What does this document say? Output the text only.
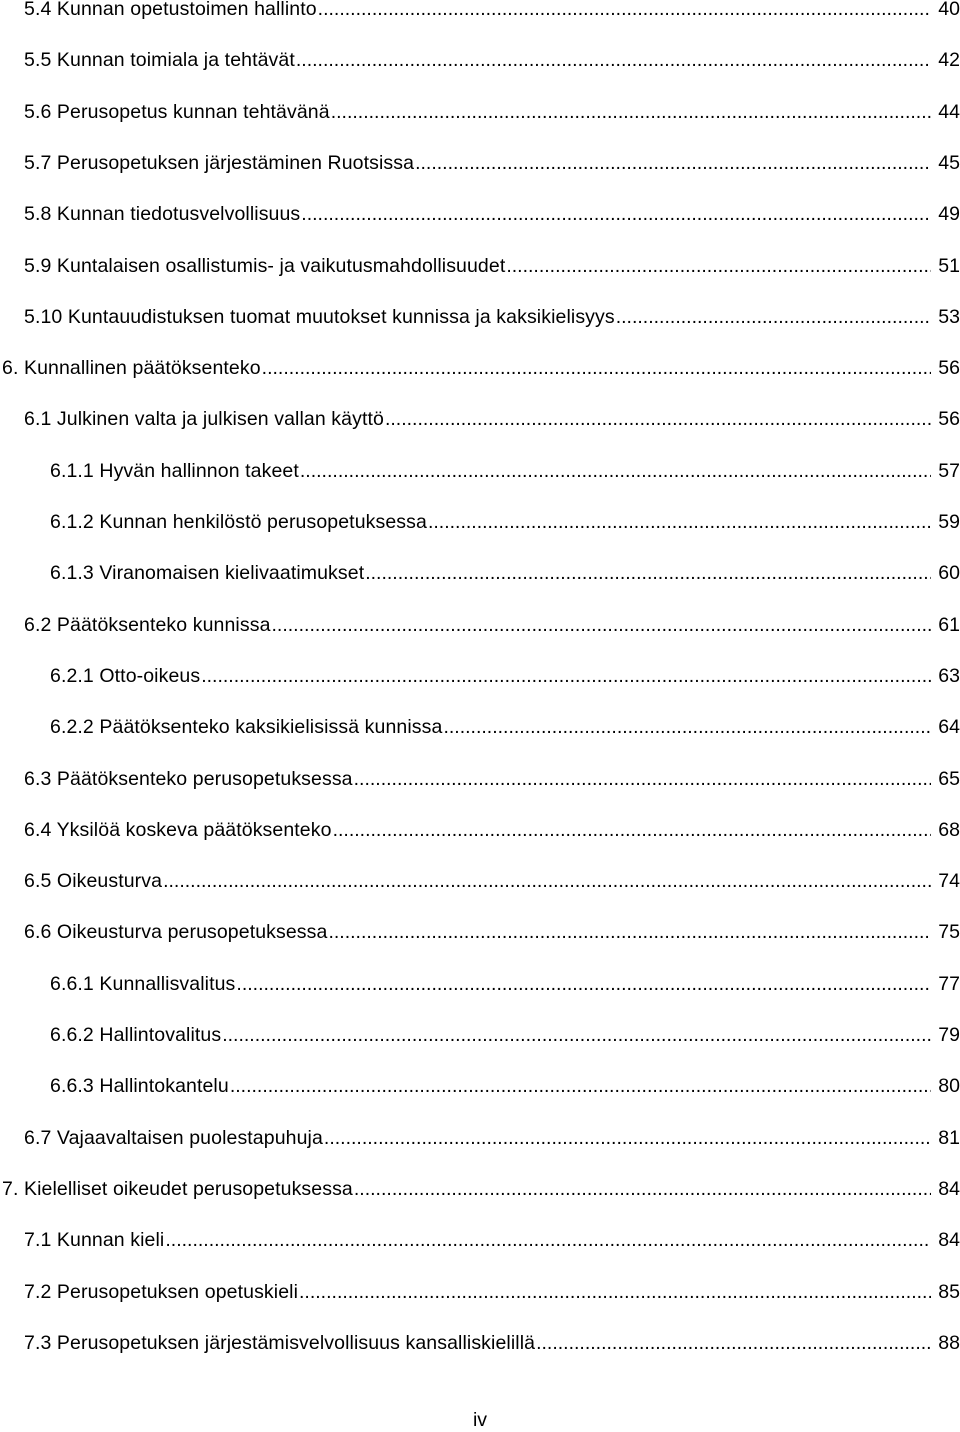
5.4 Kunnan opetustoimen hallinto .....	40
5.5 Kunnan toimiala ja tehtävät .....	42
5.6 Perusopetus kunnan tehtävänä .....	44
5.7 Perusopetuksen järjestäminen Ruotsissa .....	45
5.8 Kunnan tiedotusvelvollisuus .....	49
5.9 Kuntalaisen osallistumis- ja vaikutusmahdollisuudet .....	51
5.10 Kuntauudistuksen tuomat muutokset kunnissa ja kaksikielisyys .....	53
6. Kunnallinen päätöksenteko .....	56
6.1 Julkinen valta ja julkisen vallan käyttö .....	56
6.1.1 Hyvän hallinnon takeet .....	57
6.1.2 Kunnan henkilöstö perusopetuksessa .....	59
6.1.3 Viranomaisen kielivaatimukset .....	60
6.2 Päätöksenteko kunnissa .....	61
6.2.1 Otto-oikeus .....	63
6.2.2 Päätöksenteko kaksikielisissä kunnissa .....	64
6.3 Päätöksenteko perusopetuksessa .....	65
6.4 Yksilöä koskeva päätöksenteko .....	68
6.5 Oikeusturva .....	74
6.6 Oikeusturva perusopetuksessa .....	75
6.6.1 Kunnallisvalitus .....	77
6.6.2 Hallintovalitus .....	79
6.6.3 Hallintokantelu .....	80
6.7 Vajaavaltaisen puolestapuhuja .....	81
7. Kielelliset oikeudet perusopetuksessa .....	84
7.1 Kunnan kieli .....	84
7.2 Perusopetuksen opetuskieli .....	85
7.3 Perusopetuksen järjestämisvelvollisuus kansalliskielillä .....	88
iv
